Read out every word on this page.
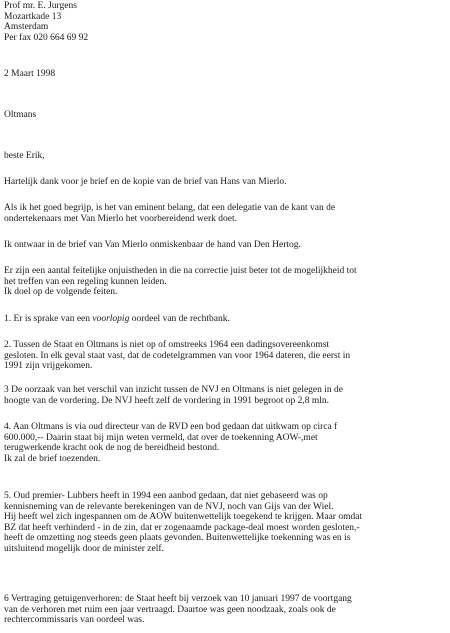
Prof mr. E. Jurgens
Mozartkade 13
Amsterdam
Per fax 020 664 69 92
2 Maart 1998
Oltmans
beste Erik,
Hartelijk dank voor je brief en de kopie van de brief van Hans van Mierlo.
Als ik het goed begrijp, is het van eminent belang, dat een delegatie van de kant van de
ondertekenaars met Van Mierlo het voorbereidend werk doet.
Ik ontwaar in de brief van Van Mierlo onmiskenbaar de hand van Den Hertog.
Er zijn een aantal feitelijke onjuistheden in die na correctie juist beter tot de mogelijkheid tot
het treffen van een regeling kunnen leiden.
Ik doel op de volgende feiten.
1. Er is sprake van een voorlopig oordeel van de rechtbank.
2. Tussen de Staat en Oltmans is niet op of omstreeks 1964 een dadingsovereenkomst
gesloten. In elk geval staat vast, dat de codetelgrammen van voor 1964 dateren, die eerst in
1991 zijn vrijgekomen.
3 De oorzaak van het verschil van inzicht tussen de NVJ en Oltmans is niet gelegen in de
hoogte van de vordering. De NVJ heeft zelf de vordering in 1991 begroot op 2,8 mln.
4. Aan Oltmans is via oud directeur van de RVD een bod gedaan dat uitkwam op circa f
600.000,-- Daarin staat bij mijn weten vermeld, dat over de toekenning AOW-,met
terugwerkende kracht ook de nog de bereidheid bestond.
Ik zal de brief toezenden.
5. Oud premier- Lubbers heeft in 1994 een aanbod gedaan, dat niet gebaseerd was op
kennisneming van de relevante berekeningen van de NVJ, noch van Gijs van der Wiel.
Hij heeft wel zich ingespannen om de AOW buitenwettelijk toegekend te krijgen. Maar omdat
BZ dat heeft verhinderd - in de zin, dat er zogenaamde package-deal moest worden gesloten,-
heeft de omzetting nog steeds geen plaats gevonden. Buitenwettelijke toekenning was en is
uitsluitend mogelijk door de minister zelf.
6 Vertraging getuigenverhoren: de Staat heeft bij verzoek van 10 januari 1997 de voortgang
van de verhoren met ruim een jaar vertraagd. Daartoe was geen noodzaak, zoals ook de
rechtercommissaris van oordeel was.
